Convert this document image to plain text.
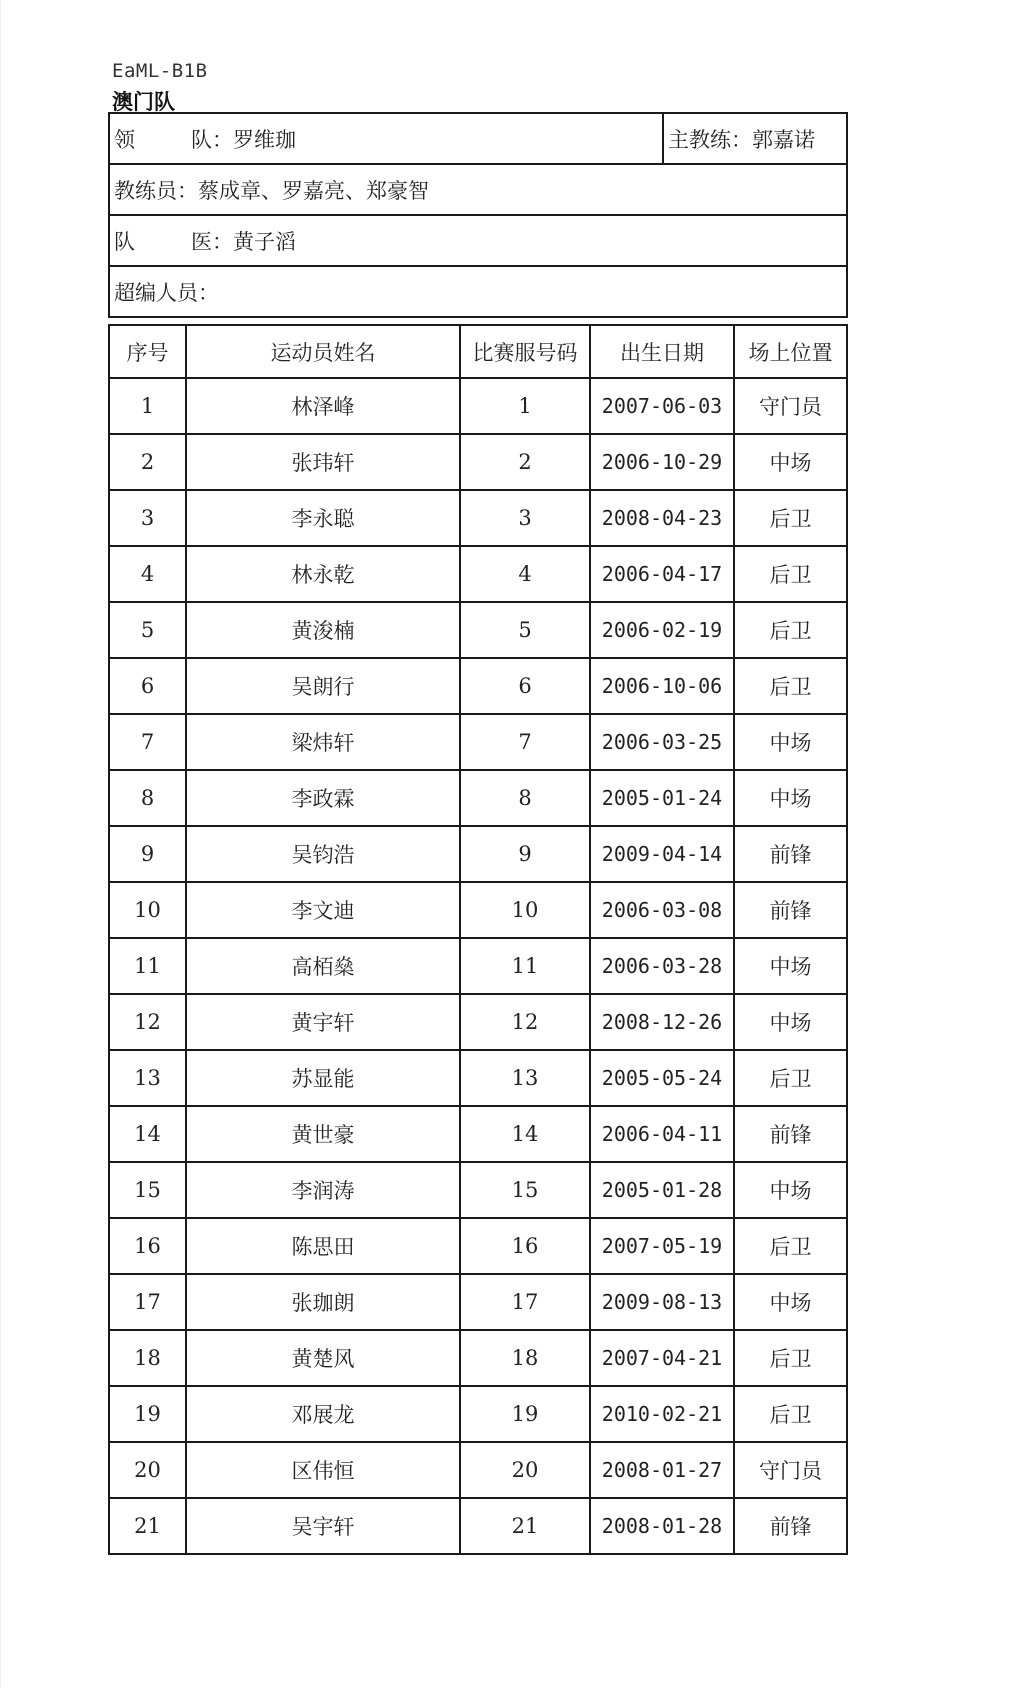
EaML-B1B
澳门队
领	队：罗维珈	主教练：郭嘉诺
教练员：蔡成章、罗嘉亮、郑豪智
队	医：黄子滔
超编人员：
序号	运动员姓名	比赛服号码	出生日期	场上位置
1	林泽峰	1	2007-06-03	守门员
2	张玮轩	2	2006-10-29	中场
3	李永聪	3	2008-04-23	后卫
4	林永乾	4	2006-04-17	后卫
5	黄浚楠	5	2006-02-19	后卫
6	吴朗行	6	2006-10-06	后卫
7	梁炜轩	7	2006-03-25	中场
8	李政霖	8	2005-01-24	中场
9	吴钧浩	9	2009-04-14	前锋
10	李文迪	10	2006-03-08	前锋
11	高栢燊	11	2006-03-28	中场
12	黄宇轩	12	2008-12-26	中场
13	苏显能	13	2005-05-24	后卫
14	黄世豪	14	2006-04-11	前锋
15	李润涛	15	2005-01-28	中场
16	陈思田	16	2007-05-19	后卫
17	张珈朗	17	2009-08-13	中场
18	黄楚风	18	2007-04-21	后卫
19	邓展龙	19	2010-02-21	后卫
20	区伟恒	20	2008-01-27	守门员
21	吴宇轩	21	2008-01-28	前锋
